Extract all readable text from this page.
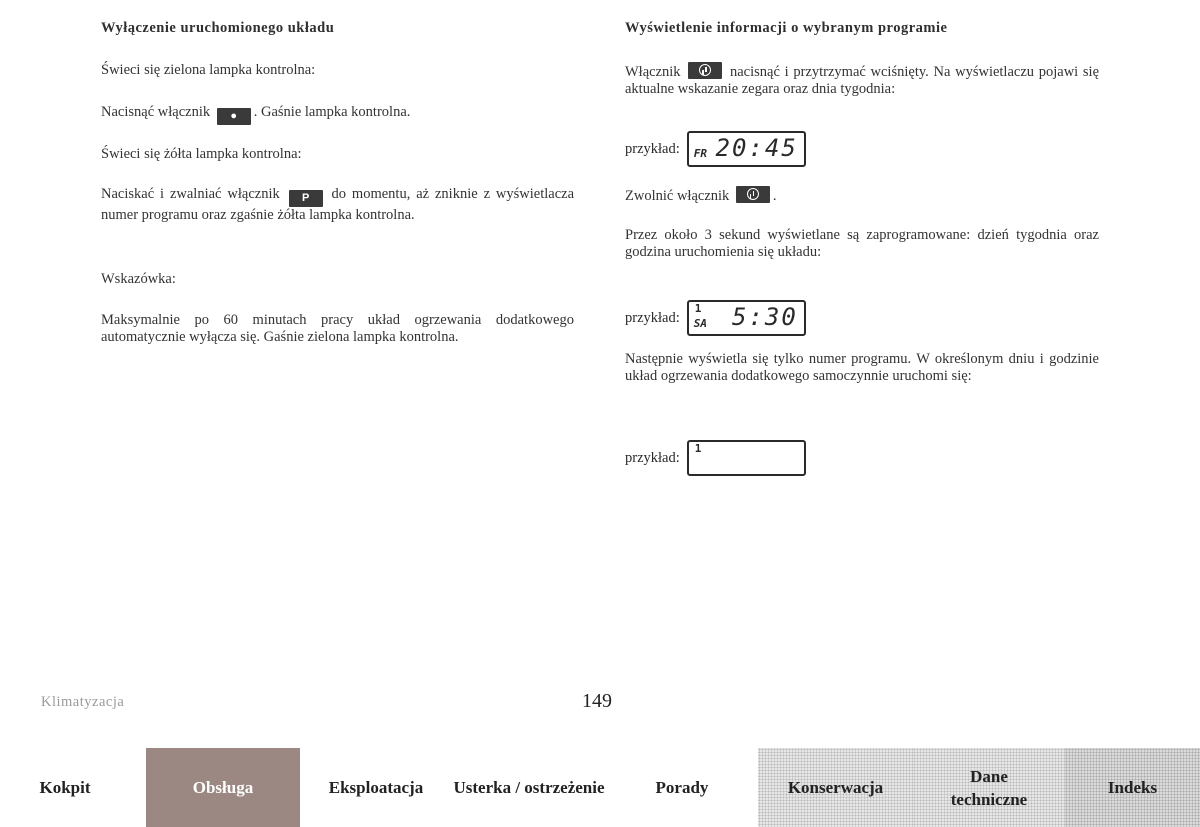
Wyłączenie uruchomionego układu
Świeci się zielona lampka kontrolna:
Nacisnąć włącznik ● . Gaśnie lampka kontrolna.
Świeci się żółta lampka kontrolna:
Naciskać i zwalniać włącznik P do momentu, aż zniknie z wyświetlacza numer programu oraz zgaśnie żółta lampka kontrolna.
Wskazówka:
Maksymalnie po 60 minutach pracy układ ogrzewania dodatkowego automatycznie wyłącza się. Gaśnie zielona lampka kontrolna.
Wyświetlenie informacji o wybranym programie
Włącznik	nacisnąć i przytrzymać wciśnięty. Na wyświetlaczu pojawi się aktualne wskazanie zegara oraz dnia tygodnia:
przykład: FR 20:45
Zwolnić włącznik	.
Przez około 3 sekund wyświetlane są zaprogramowane: dzień tygodnia oraz godzina uruchomienia się układu:
przykład:
1
SA 5:30
Następnie wyświetla się tylko numer programu. W określonym dniu i godzinie układ ogrzewania dodatkowego samoczynnie uruchomi się:
przykład:
1
Klimatyzacja	149
Kokpit	Obsługa	Eksploatacja	Usterka / ostrzeżenie	Porady	Konserwacja
Dane techniczne
Indeks
